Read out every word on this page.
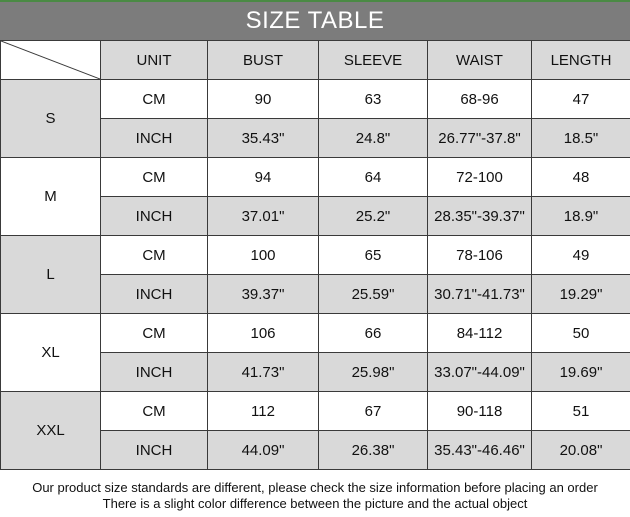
SIZE TABLE
	UNIT	BUST	SLEEVE	WAIST	LENGTH
S	CM	90	63	68-96	47
	INCH	35.43"	24.8"	26.77"-37.8"	18.5"
M	CM	94	64	72-100	48
	INCH	37.01"	25.2"	28.35"-39.37"	18.9"
L	CM	100	65	78-106	49
	INCH	39.37"	25.59"	30.71"-41.73"	19.29"
XL	CM	106	66	84-112	50
	INCH	41.73"	25.98"	33.07"-44.09"	19.69"
XXL	CM	112	67	90-118	51
	INCH	44.09"	26.38"	35.43"-46.46"	20.08"
Our product size standards are different, please check the size information before placing an order
There is a slight color difference between the picture and the actual object
